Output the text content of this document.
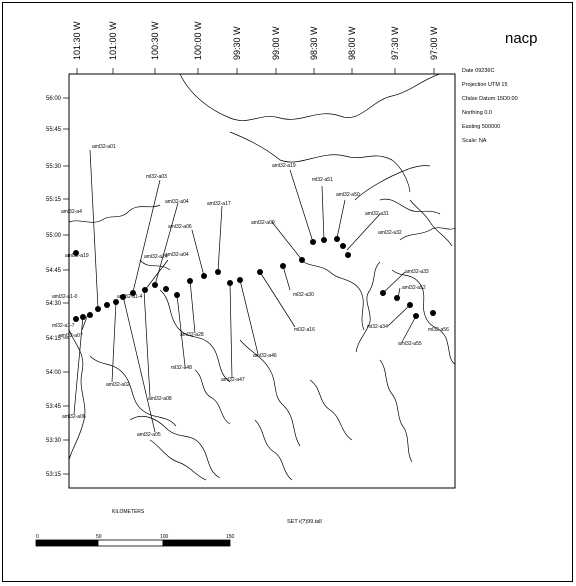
nacp
Date 09236C
Projection UTM 15
Cfalse Datum 15D0:00
Northing 0.0
Easting 500000
Scale: NA
101:30 W	101:00 W	100:30 W	100:00 W	99:30 W	99:00 W	98:30 W	98:00 W	97:30 W	97:00 W
56:00
55:45
55:30
55:15
55:00
54:45
54:30
54:15
54:00
53:45
53:30
53:15
aml32-a01
ml32-a03
aml32-a04
aml32-a06
aml32-a17
aml32-a04
aml32-a4
aml32-a1-4
aml32-a19
aml32-a09
ml32-a51
aml32-a50
aml32-a31
aml32-a32
aml32-a33
aml32-a52
ml32-a34
aml32-a55
ml32-a56
ml32-a30
ml32-a16
aml32-a46
aml32-a47
ml32-a48
aml32-a28
aml32-a08
aml32-a02
aml32-a1-0
ml32-a1-7
aml32-a07
aml32-a06
aml32-a19
aml32-a05
aml32-a24
KILOMETERS
0	50	100	150
SET i(?)99.tall
